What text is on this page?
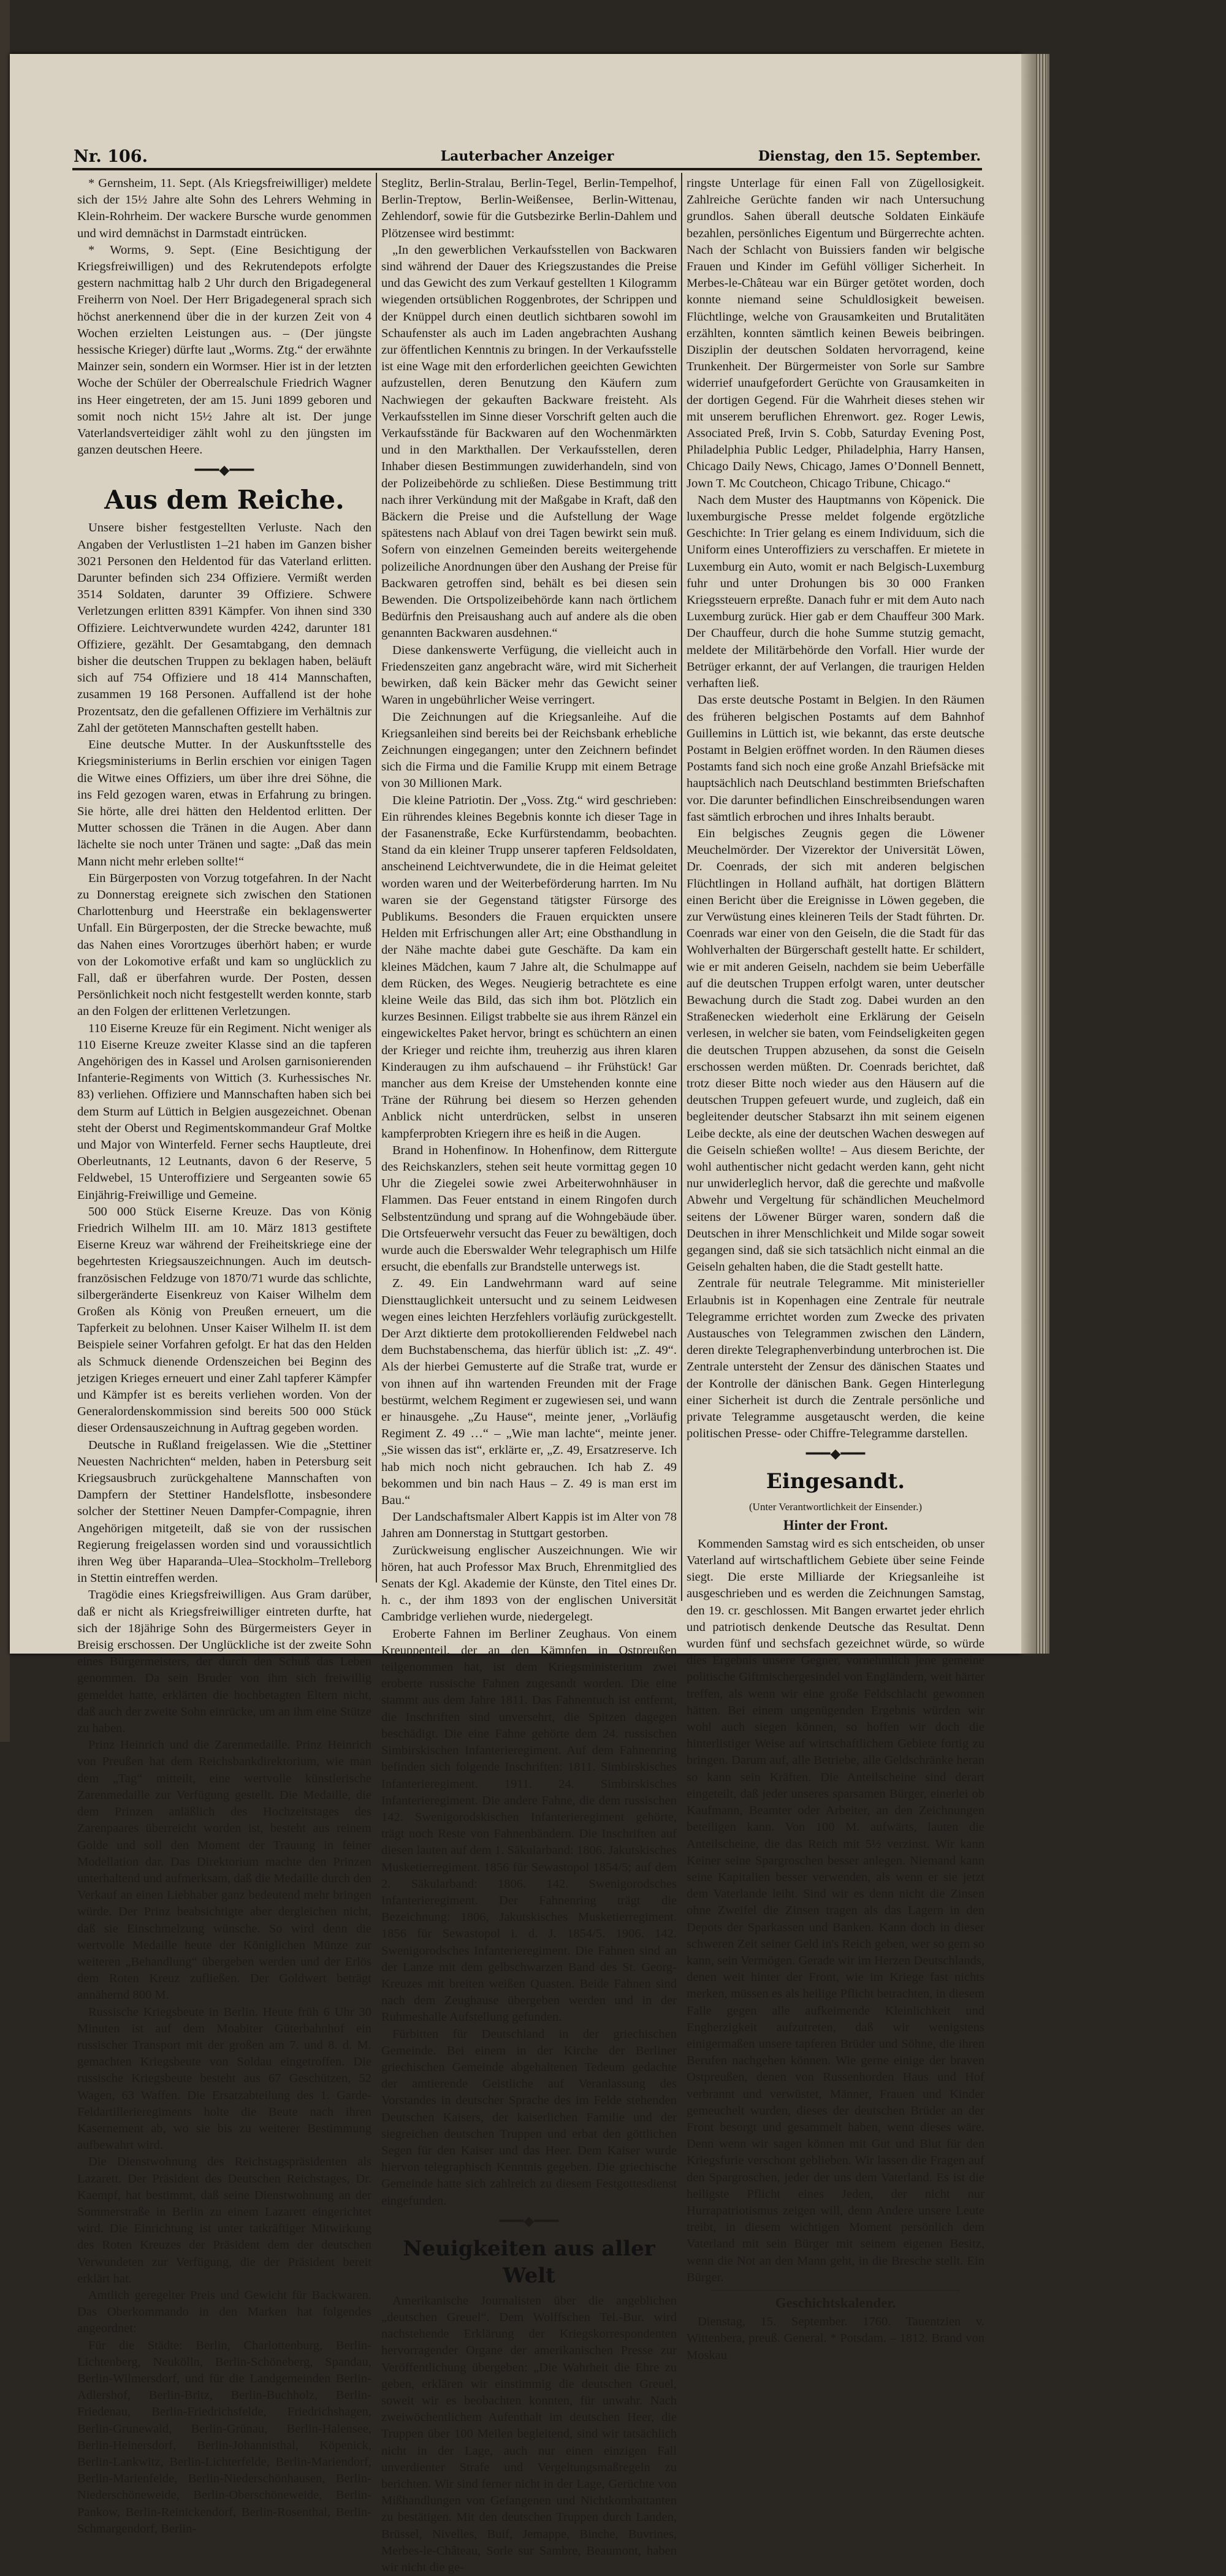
Nr. 106.	Lauterbacher Anzeiger	Dienstag, den 15. September.

* Gernsheim, 11. Sept. (Als Kriegsfreiwilliger) meldete sich der 15½ Jahre alte Sohn des Lehrers Wehming in Klein-Rohrheim. Der wackere Bursche wurde genommen und wird demnächst in Darmstadt eintrücken.

* Worms, 9. Sept. (Eine Besichtigung der Kriegsfreiwilligen) und des Rekrutendepots erfolgte gestern nachmittag halb 2 Uhr durch den Brigadegeneral Freiherrn von Noel. Der Herr Brigadegeneral sprach sich höchst anerkennend über die in der kurzen Zeit von 4 Wochen erzielten Leistungen aus. – (Der jüngste hessische Krieger) dürfte laut „Worms. Ztg.“ der erwähnte Mainzer sein, sondern ein Wormser. Hier ist in der letzten Woche der Schüler der Oberrealschule Friedrich Wagner ins Heer eingetreten, der am 15. Juni 1899 geboren und somit noch nicht 15½ Jahre alt ist. Der junge Vaterlandsverteidiger zählt wohl zu den jüngsten im ganzen deutschen Heere.

━━━◆━━━
Aus dem Reiche.

Unsere bisher festgestellten Verluste. Nach den Angaben der Verlustlisten 1–21 haben im Ganzen bisher 3021 Personen den Heldentod für das Vaterland erlitten. Darunter befinden sich 234 Offiziere. Vermißt werden 3514 Soldaten, darunter 39 Offiziere. Schwere Verletzungen erlitten 8391 Kämpfer. Von ihnen sind 330 Offiziere. Leichtverwundete wurden 4242, darunter 181 Offiziere, gezählt. Der Gesamtabgang, den demnach bisher die deutschen Truppen zu beklagen haben, beläuft sich auf 754 Offiziere und 18 414 Mannschaften, zusammen 19 168 Personen. Auffallend ist der hohe Prozentsatz, den die gefallenen Offiziere im Verhältnis zur Zahl der getöteten Mannschaften gestellt haben.

Eine deutsche Mutter. In der Auskunftsstelle des Kriegsministeriums in Berlin erschien vor einigen Tagen die Witwe eines Offiziers, um über ihre drei Söhne, die ins Feld gezogen waren, etwas in Erfahrung zu bringen. Sie hörte, alle drei hätten den Heldentod erlitten. Der Mutter schossen die Tränen in die Augen. Aber dann lächelte sie noch unter Tränen und sagte: „Daß das mein Mann nicht mehr erleben sollte!“

Ein Bürgerposten von Vorzug totgefahren. In der Nacht zu Donnerstag ereignete sich zwischen den Stationen Charlottenburg und Heerstraße ein beklagenswerter Unfall. Ein Bürgerposten, der die Strecke bewachte, muß das Nahen eines Vorortzuges überhört haben; er wurde von der Lokomotive erfaßt und kam so unglücklich zu Fall, daß er überfahren wurde. Der Posten, dessen Persönlichkeit noch nicht festgestellt werden konnte, starb an den Folgen der erlittenen Verletzungen.

110 Eiserne Kreuze für ein Regiment. Nicht weniger als 110 Eiserne Kreuze zweiter Klasse sind an die tapferen Angehörigen des in Kassel und Arolsen garnisonierenden Infanterie-Regiments von Wittich (3. Kurhessisches Nr. 83) verliehen. Offiziere und Mannschaften haben sich bei dem Sturm auf Lüttich in Belgien ausgezeichnet. Obenan steht der Oberst und Regimentskommandeur Graf Moltke und Major von Winterfeld. Ferner sechs Hauptleute, drei Oberleutnants, 12 Leutnants, davon 6 der Reserve, 5 Feldwebel, 15 Unteroffiziere und Sergeanten sowie 65 Einjährig-Freiwillige und Gemeine.

500 000 Stück Eiserne Kreuze. Das von König Friedrich Wilhelm III. am 10. März 1813 gestiftete Eiserne Kreuz war während der Freiheitskriege eine der begehrtesten Kriegsauszeichnungen. Auch im deutsch-französischen Feldzuge von 1870/71 wurde das schlichte, silbergeränderte Eisenkreuz von Kaiser Wilhelm dem Großen als König von Preußen erneuert, um die Tapferkeit zu belohnen. Unser Kaiser Wilhelm II. ist dem Beispiele seiner Vorfahren gefolgt. Er hat das den Helden als Schmuck dienende Ordenszeichen bei Beginn des jetzigen Krieges erneuert und einer Zahl tapferer Kämpfer und Kämpfer ist es bereits verliehen worden. Von der Generalordenskommission sind bereits 500 000 Stück dieser Ordensauszeichnung in Auftrag gegeben worden.

Deutsche in Rußland freigelassen. Wie die „Stettiner Neuesten Nachrichten“ melden, haben in Petersburg seit Kriegsausbruch zurückgehaltene Mannschaften von Dampfern der Stettiner Handelsflotte, insbesondere solcher der Stettiner Neuen Dampfer-Compagnie, ihren Angehörigen mitgeteilt, daß sie von der russischen Regierung freigelassen worden sind und voraussichtlich ihren Weg über Haparanda–Ulea–Stockholm–Trelleborg in Stettin eintreffen werden.

Tragödie eines Kriegsfreiwilligen. Aus Gram darüber, daß er nicht als Kriegsfreiwilliger eintreten durfte, hat sich der 18jährige Sohn des Bürgermeisters Geyer in Breisig erschossen. Der Unglückliche ist der zweite Sohn eines Bürgermeisters, der durch den Schuß das Leben genommen. Da sein Bruder von ihm sich freiwillig gemeldet hatte, erklärten die hochbetagten Eltern nicht, daß auch der zweite Sohn einrücke, um an ihm eine Stütze zu haben.

Prinz Heinrich und die Zarenmedaille. Prinz Heinrich von Preußen hat dem Reichsbankdirektorium, wie man dem „Tag“ mitteilt, eine wertvolle künstlerische Zarenmedaille zur Verfügung gestellt. Die Medaille, die dem Prinzen anläßlich des Hochzeitstages des Zarenpaares überreicht worden ist, besteht aus reinem Golde und soll den Moment der Trauung in feiner Modellation dar. Das Direktorium machte den Prinzen unterhaltend und aufmerksam, daß die Medaille durch den Verkauf an einen Liebhaber ganz bedeutend mehr bringen würde. Der Prinz beabsichtigte aber dergleichen nicht, daß sie Einschmelzung wünsche. So wird denn die wertvolle Medaille heute der Königlichen Münze zur weiteren „Behandlung“ übergeben werden und der Erlös dem Roten Kreuz zufließen. Der Goldwert beträgt annähernd 800 M.

Russische Kriegsbeute in Berlin. Heute früh 6 Uhr 30 Minuten ist auf dem Moabiter Güterbahnhof ein russischer Transport mit der großen am 7. und 8. d. M. gemachten Kriegsbeute von Soldau eingetroffen. Die russische Kriegsbeute besteht aus 67 Geschützen, 52 Wagen, 63 Waffen. Die Ersatzabteilung des 1. Garde-Feldartillerieregiments holte die Beute nach ihren Kasernement ab, wo sie bis zu weiterer Bestimmung aufbewahrt wird.

Die Dienstwohnung des Reichstagspräsidenten als Lazarett. Der Präsident des Deutschen Reichstages, Dr. Kaempf, hat bestimmt, daß seine Dienstwohnung an der Sommerstraße in Berlin zu einem Lazarett eingerichtet wird. Die Einrichtung ist unter tatkräftiger Mitwirkung des Roten Kreuzes der Präsident dem der deutschen Verwundeten zur Verfügung, die der Präsident bereit erklärt hat.

Amtlich geregelter Preis und Gewicht für Backwaren. Das Oberkommando in den Marken hat folgendes angeordnet:

Für die Städte: Berlin, Charlottenburg, Berlin-Lichtenberg, Neukölln, Berlin-Schöneberg, Spandau, Berlin-Wilmersdorf, und für die Landgemeinden Berlin-Adlershof, Berlin-Britz, Berlin-Buchholz, Berlin-Friedenau, Berlin-Friedrichsfelde, Friedrichshagen, Berlin-Grunewald, Berlin-Grünau, Berlin-Halensee, Berlin-Heinersdorf, Berlin-Johannisthal, Köpenick, Berlin-Lankwitz, Berlin-Lichterfelde, Berlin-Mariendorf, Berlin-Marienfelde, Berlin-Niederschönhausen, Berlin-Niederschöneweide, Berlin-Oberschöneweide, Berlin-Pankow, Berlin-Reinickendorf, Berlin-Rosenthal, Berlin-Schmargendorf, Berlin-

Steglitz, Berlin-Stralau, Berlin-Tegel, Berlin-Tempelhof, Berlin-Treptow, Berlin-Weißensee, Berlin-Wittenau, Zehlendorf, sowie für die Gutsbezirke Berlin-Dahlem und Plötzensee wird bestimmt:

„In den gewerblichen Verkaufsstellen von Backwaren sind während der Dauer des Kriegszustandes die Preise und das Gewicht des zum Verkauf gestellten 1 Kilogramm wiegenden ortsüblichen Roggenbrotes, der Schrippen und der Knüppel durch einen deutlich sichtbaren sowohl im Schaufenster als auch im Laden angebrachten Aushang zur öffentlichen Kenntnis zu bringen. In der Verkaufsstelle ist eine Wage mit den erforderlichen geeichten Gewichten aufzustellen, deren Benutzung den Käufern zum Nachwiegen der gekauften Backware freisteht. Als Verkaufsstellen im Sinne dieser Vorschrift gelten auch die Verkaufsstände für Backwaren auf den Wochenmärkten und in den Markthallen. Der Verkaufsstellen, deren Inhaber diesen Bestimmungen zuwiderhandeln, sind von der Polizeibehörde zu schließen. Diese Bestimmung tritt nach ihrer Verkündung mit der Maßgabe in Kraft, daß den Bäckern die Preise und die Aufstellung der Wage spätestens nach Ablauf von drei Tagen bewirkt sein muß. Sofern von einzelnen Gemeinden bereits weitergehende polizeiliche Anordnungen über den Aushang der Preise für Backwaren getroffen sind, behält es bei diesen sein Bewenden. Die Ortspolizeibehörde kann nach örtlichem Bedürfnis den Preisaushang auch auf andere als die oben genannten Backwaren ausdehnen.“

Diese dankenswerte Verfügung, die vielleicht auch in Friedenszeiten ganz angebracht wäre, wird mit Sicherheit bewirken, daß kein Bäcker mehr das Gewicht seiner Waren in ungebührlicher Weise verringert.

Die Zeichnungen auf die Kriegsanleihe. Auf die Kriegsanleihen sind bereits bei der Reichsbank erhebliche Zeichnungen eingegangen; unter den Zeichnern befindet sich die Firma und die Familie Krupp mit einem Betrage von 30 Millionen Mark.

Die kleine Patriotin. Der „Voss. Ztg.“ wird geschrieben: Ein rührendes kleines Begebnis konnte ich dieser Tage in der Fasanenstraße, Ecke Kurfürstendamm, beobachten. Stand da ein kleiner Trupp unserer tapferen Feldsoldaten, anscheinend Leichtverwundete, die in die Heimat geleitet worden waren und der Weiterbeförderung harrten. Im Nu waren sie der Gegenstand tätigster Fürsorge des Publikums. Besonders die Frauen erquickten unsere Helden mit Erfrischungen aller Art; eine Obsthandlung in der Nähe machte dabei gute Geschäfte. Da kam ein kleines Mädchen, kaum 7 Jahre alt, die Schulmappe auf dem Rücken, des Weges. Neugierig betrachtete es eine kleine Weile das Bild, das sich ihm bot. Plötzlich ein kurzes Besinnen. Eiligst trabbelte sie aus ihrem Ränzel ein eingewickeltes Paket hervor, bringt es schüchtern an einen der Krieger und reichte ihm, treuherzig aus ihren klaren Kinderaugen zu ihm aufschauend – ihr Frühstück! Gar mancher aus dem Kreise der Umstehenden konnte eine Träne der Rührung bei diesem so Herzen gehenden Anblick nicht unterdrücken, selbst in unseren kampferprobten Kriegern ihre es heiß in die Augen.

Brand in Hohenfinow. In Hohenfinow, dem Rittergute des Reichskanzlers, stehen seit heute vormittag gegen 10 Uhr die Ziegelei sowie zwei Arbeiterwohnhäuser in Flammen. Das Feuer entstand in einem Ringofen durch Selbstentzündung und sprang auf die Wohngebäude über. Die Ortsfeuerwehr versucht das Feuer zu bewältigen, doch wurde auch die Eberswalder Wehr telegraphisch um Hilfe ersucht, die ebenfalls zur Brandstelle unterwegs ist.

Z. 49. Ein Landwehrmann ward auf seine Diensttauglichkeit untersucht und zu seinem Leidwesen wegen eines leichten Herzfehlers vorläufig zurückgestellt. Der Arzt diktierte dem protokollierenden Feldwebel nach dem Buchstabenschema, das hierfür üblich ist: „Z. 49“. Als der hierbei Gemusterte auf die Straße trat, wurde er von ihnen auf ihn wartenden Freunden mit der Frage bestürmt, welchem Regiment er zugewiesen sei, und wann er hinausgehe. „Zu Hause“, meinte jener, „Vorläufig Regiment Z. 49 …“ – „Wie man lachte“, meinte jener. „Sie wissen das ist“, erklärte er, „Z. 49, Ersatzreserve. Ich hab mich noch nicht gebrauchen. Ich hab Z. 49 bekommen und bin nach Haus – Z. 49 is man erst im Bau.“

Der Landschaftsmaler Albert Kappis ist im Alter von 78 Jahren am Donnerstag in Stuttgart gestorben.

Zurückweisung englischer Auszeichnungen. Wie wir hören, hat auch Professor Max Bruch, Ehrenmitglied des Senats der Kgl. Akademie der Künste, den Titel eines Dr. h. c., der ihm 1893 von der englischen Universität Cambridge verliehen wurde, niedergelegt.

Eroberte Fahnen im Berliner Zeughaus. Von einem Kreuppenteil, der an den Kämpfen in Ostpreußen teilgenommen hat, ist dem Kriegsministerium zwei eroberte russische Fahnen zugesandt worden. Die eine stammt aus dem Jahre 1811. Das Fahnentuch ist entfernt, die Inschriften sind unversehrt, die Spitzen dagegen beschädigt. Die eine Fahne gehörte dem 24. russischen Simbirskischen Infanterieregiment. Auf dem Fahnenring befinden sich folgende Inschriften: 1811. Simbirskisches Infanterieregiment. 1911. 24. Simbirskisches Infanterieregiment. Die andere Fahne, die dem russischen 142. Swenigorodskischen Infanterieregiment gehörte, trägt noch Reste von Fahnenbändern. Die Inschriften auf diesen lauten auf dem 1. Säkularband: 1806. Jakutskisches Musketierregiment. 1856 für Sewastopol 1854/5; auf dem 2. Säkularband: 1806. 142. Swenigorodsches Infanterieregiment. Der Fahnenring trägt die Bezeichnung: 1806, Jakutskisches Musketierregiment. 1856 für Sewastopol i. d. J. 1854/5. 1906. 142. Swenigorodsches Infanterieregiment. Die Fahnen sind an der Lanze mit dem gelbschwarzen Band des St. Georg-Kreuzes mit breiten weißen Quasten. Beide Fahnen sind nach dem Zeughause übergeben werden und in der Ruhmeshalle Aufstellung gefunden.

Fürbitten für Deutschland in der griechischen Gemeinde. Bei einem in der Kirche der Berliner griechischen Gemeinde abgehaltenen Tedeum gedachte der amtierende Geistliche auf Veranlassung des Vorstandes in deutscher Sprache des im Felde stehenden Deutschen Kaisers, der kaiserlichen Familie und der siegreichen deutschen Truppen und erbat den göttlichen Segen für den Kaiser und das Heer. Dem Kaiser wurde hiervon telegraphisch Kenntnis gegeben. Die griechische Gemeinde hatte sich zahlreich zu diesem Festgottesdienst eingefunden.

━━━◆━━━
Neuigkeiten aus aller Welt

Amerikanische Journalisten über die angeblichen „deutschen Greuel“. Dem Wolffschen Tel.-Bur. wird nachstehende Erklärung der Kriegskorrespondenten hervorragender Organe der amerikanischen Presse zur Veröffentlichung übergeben: „Die Wahrheit die Ehre zu geben, erklären wir einstimmig die deutschen Greuel, soweit wir es beobachten konnten, für unwahr. Nach zweiwöchentlichem Aufenthalt im deutschen Heer, die Truppen über 100 Meilen begleitend, sind wir tatsächlich nicht in der Lage, auch nur einen einzigen Fall unverdienter Strafe und Vergeltungsmaßregeln zu berichten. Wir sind ferner nicht in der Lage, Gerüchte von Mißhandlungen von Gefangenen und Nichtkombattanten zu bestätigen. Mit den deutschen Truppen durch Landen, Brüssel, Nivelles, Buif, Jemappe, Binche, Buvrines, Merbes-le-Château, Sorle sur Sambre, Beaumont, haben wir nicht die ge-

ringste Unterlage für einen Fall von Zügellosigkeit. Zahlreiche Gerüchte fanden wir nach Untersuchung grundlos. Sahen überall deutsche Soldaten Einkäufe bezahlen, persönliches Eigentum und Bürgerrechte achten. Nach der Schlacht von Buissiers fanden wir belgische Frauen und Kinder im Gefühl völliger Sicherheit. In Merbes-le-Château war ein Bürger getötet worden, doch konnte niemand seine Schuldlosigkeit beweisen. Flüchtlinge, welche von Grausamkeiten und Brutalitäten erzählten, konnten sämtlich keinen Beweis beibringen. Disziplin der deutschen Soldaten hervorragend, keine Trunkenheit. Der Bürgermeister von Sorle sur Sambre widerrief unaufgefordert Gerüchte von Grausamkeiten in der dortigen Gegend. Für die Wahrheit dieses stehen wir mit unserem beruflichen Ehrenwort. gez. Roger Lewis, Associated Preß, Irvin S. Cobb, Saturday Evening Post, Philadelphia Public Ledger, Philadelphia, Harry Hansen, Chicago Daily News, Chicago, James O’Donnell Bennett, Jown T. Mc Coutcheon, Chicago Tribune, Chicago.“

Nach dem Muster des Hauptmanns von Köpenick. Die luxemburgische Presse meldet folgende ergötzliche Geschichte: In Trier gelang es einem Individuum, sich die Uniform eines Unteroffiziers zu verschaffen. Er mietete in Luxemburg ein Auto, womit er nach Belgisch-Luxemburg fuhr und unter Drohungen bis 30 000 Franken Kriegssteuern erpreßte. Danach fuhr er mit dem Auto nach Luxemburg zurück. Hier gab er dem Chauffeur 300 Mark. Der Chauffeur, durch die hohe Summe stutzig gemacht, meldete der Militärbehörde den Vorfall. Hier wurde der Betrüger erkannt, der auf Verlangen, die traurigen Helden verhaften ließ.

Das erste deutsche Postamt in Belgien. In den Räumen des früheren belgischen Postamts auf dem Bahnhof Guillemins in Lüttich ist, wie bekannt, das erste deutsche Postamt in Belgien eröffnet worden. In den Räumen dieses Postamts fand sich noch eine große Anzahl Briefsäcke mit hauptsächlich nach Deutschland bestimmten Briefschaften vor. Die darunter befindlichen Einschreibsendungen waren fast sämtlich erbrochen und ihres Inhalts beraubt.

Ein belgisches Zeugnis gegen die Löwener Meuchelmörder. Der Vizerektor der Universität Löwen, Dr. Coenrads, der sich mit anderen belgischen Flüchtlingen in Holland aufhält, hat dortigen Blättern einen Bericht über die Ereignisse in Löwen gegeben, die zur Verwüstung eines kleineren Teils der Stadt führten. Dr. Coenrads war einer von den Geiseln, die die Stadt für das Wohlverhalten der Bürgerschaft gestellt hatte. Er schildert, wie er mit anderen Geiseln, nachdem sie beim Ueberfälle auf die deutschen Truppen erfolgt waren, unter deutscher Bewachung durch die Stadt zog. Dabei wurden an den Straßenecken wiederholt eine Erklärung der Geiseln verlesen, in welcher sie baten, vom Feindseligkeiten gegen die deutschen Truppen abzusehen, da sonst die Geiseln erschossen werden müßten. Dr. Coenrads berichtet, daß trotz dieser Bitte noch wieder aus den Häusern auf die deutschen Truppen gefeuert wurde, und zugleich, daß ein begleitender deutscher Stabsarzt ihn mit seinem eigenen Leibe deckte, als eine der deutschen Wachen deswegen auf die Geiseln schießen wollte! – Aus diesem Berichte, der wohl authentischer nicht gedacht werden kann, geht nicht nur unwiderleglich hervor, daß die gerechte und maßvolle Abwehr und Vergeltung für schändlichen Meuchelmord seitens der Löwener Bürger waren, sondern daß die Deutschen in ihrer Menschlichkeit und Milde sogar soweit gegangen sind, daß sie sich tatsächlich nicht einmal an die Geiseln gehalten haben, die die Stadt gestellt hatte.

Zentrale für neutrale Telegramme. Mit ministerieller Erlaubnis ist in Kopenhagen eine Zentrale für neutrale Telegramme errichtet worden zum Zwecke des privaten Austausches von Telegrammen zwischen den Ländern, deren direkte Telegraphenverbindung unterbrochen ist. Die Zentrale untersteht der Zensur des dänischen Staates und der Kontrolle der dänischen Bank. Gegen Hinterlegung einer Sicherheit ist durch die Zentrale persönliche und private Telegramme ausgetauscht werden, die keine politischen Presse- oder Chiffre-Telegramme darstellen.

━━━◆━━━
Eingesandt.
(Unter Verantwortlichkeit der Einsender.)
Hinter der Front.

Kommenden Samstag wird es sich entscheiden, ob unser Vaterland auf wirtschaftlichem Gebiete über seine Feinde siegt. Die erste Milliarde der Kriegsanleihe ist ausgeschrieben und es werden die Zeichnungen Samstag, den 19. cr. geschlossen. Mit Bangen erwartet jeder ehrlich und patriotisch denkende Deutsche das Resultat. Denn wurden fünf und sechsfach gezeichnet würde, so würde dies Ergebnis unsere Gegner, vornehmlich jene gemeine politische Giftmischergesindel von Engländern, weit härter treffen, als wenn wir eine große Feldschlacht gewonnen hätten. Bei einem ungenügenden Ergebnis würden wir wohl auch siegen können, so hoffen wir doch die hinterlistiger Weise auf wirtschaftlichem Gebiete fortig zu bringen. Darum auf, alle Betriebe, alle Geldschränke heran so kann sein Kräften. Die Anteilscheine sind derart eingeteilt, daß jeder unseres sparsamen Bürger, einerlei ob Kaufmann, Beamter oder Arbeiter, an den Zeichnungen beteiligen kann. Von 100 M. aufwärts, lauten die Anteilscheine, die das Reich mit 5½ verzinst. Wir kann Keiner seine Spargroschen besser anlegen. Niemand kann seine Kapitalien besser verwenden, als wenn er sie jetzt dem Vaterlande leiht. Sind wir es denn nicht die Zinsen ohne Zweifel die Zinsen tragen als das Lagern in den Depots der Sparkassen und Banken. Kann doch in dieser schweren Zeit seiner Geld in's Reich geben, wer so gern so kann, sein Vermögen. Gerade wir im Herzen Deutschlands, denen weit hinter der Front, wie im Kriege fast nichts merken, müssen es als heilige Pflicht betrachten, in diesem Falle gegen alle aufkeimende Kleinlichkeit und Engherzigkeit aufzutreten, daß wir wenigstens einigermaßen unsere tapferen Brüder und Söhne, die ihren Berufen nachgehen können. Wie gerne einige der braven Ostpreußen, denen von Russenhorden Haus und Hof verbrannt und verwüstet, Männer, Frauen und Kinder gemeuchelt wurden, dieses der deutschen Brüder an der Front besorgt und gesammelt haben, wenn dieses wäre. Denn wenn wir sagen können mit Gut und Blut für den Kriegsfurie verschont geblieben. Wir lassen die Fragen auf den Spargroschen, jeder der uns dem Vaterland. Es ist die heiligste Pflicht eines Jeden, der nicht nur Hurrapatriotismus zeigen will, denn Andere unsere Leute treibt, in diesem wichtigen Moment persönlich dem Vaterland mit sein Bürger mit seinem eigenen Besitz, wenn die Not an den Mann geht, in die Bresche stellt. Ein Bürger.

Geschichtskalender.

Dienstag, 15. September. 1760. Tauentzien v. Wittenbera, preuß. General. * Potsdam. – 1812. Brand von Moskau
